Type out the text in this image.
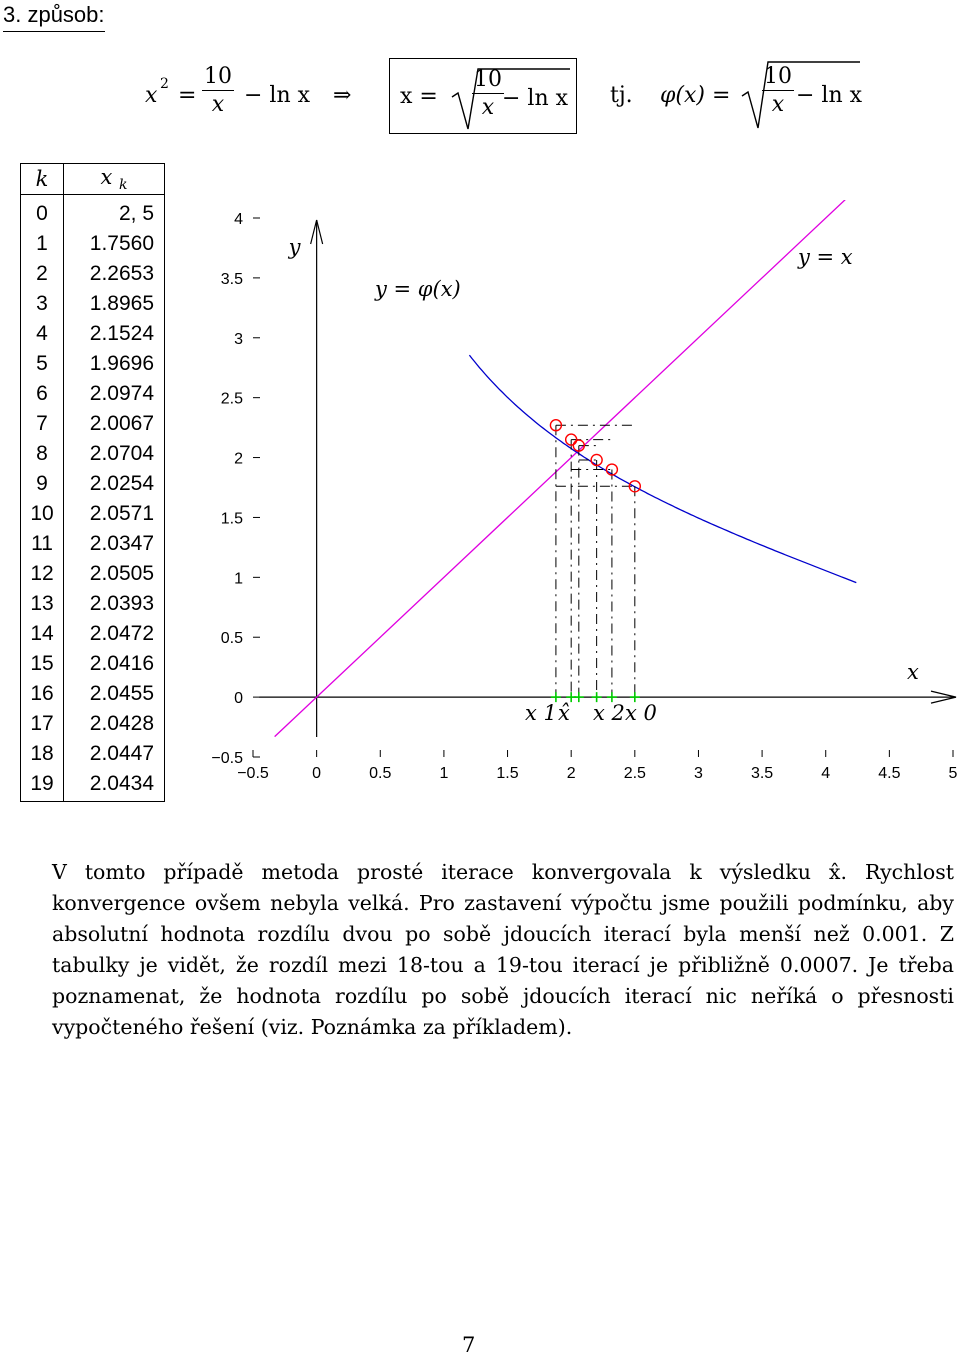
3. způsob:
x $2 = \frac{10}{x} - \ln x$ ⇒ $x = \frac{10}{x}$
− ln x tj. $\varphi(x) = \frac{10}{x} - \ln x$
k	x $_k$
0	2, 5
1	1.7560
2	2.2653
3	1.8965
4	2.1524
5	1.9696
6	2.0974
7	2.0067
8	2.0704
9	2.0254
10	2.0571
11	2.0347
12	2.0505
13	2.0393
14	2.0472
15	2.0416
16	2.0455
17	2.0428
18	2.0447
19	2.0434
−0.5
0
0.5
1
1.5
2
2.5
3
3.5
4
−0.5	0	0.5	1	1.5	2	2.5	3	3.5	4	4.5	5
y
x
y = φ(x)
y = x
x 1 x̂ x 2 x 0
V tomto případě metoda prosté iterace konvergovala k výsledku x̂. Rychlost konvergence ovšem nebyla velká. Pro zastavení výpočtu jsme použili podmínku, aby absolutní hodnota rozdílu dvou po sobě jdoucích iterací byla menší než 0.001. Z tabulky je vidět, že rozdíl mezi 18-tou a 19-tou iterací je přibližně 0.0007. Je třeba poznamenat, že hodnota rozdílu po sobě jdoucích iterací nic neříká o přesnosti vypočteného řešení (viz. Poznámka za příkladem).
7
